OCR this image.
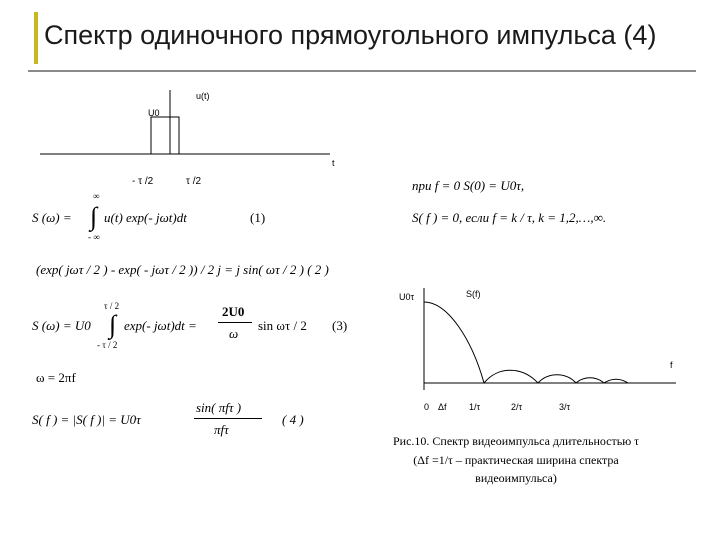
Спектр одиночного прямоугольного импульса (4)
u(t)
U0
t
- τ /2	τ /2
S (ω) =
∞
∫
- ∞
u(t) exp(- jωt)dt	(1)
при f = 0 S(0) = U0τ,
S( f ) = 0, если f = k / τ, k = 1,2,…,∞.
(exp( jωτ / 2 ) - exp( - jωτ / 2 )) / 2 j = j sin( ωτ / 2 ) ( 2 )
S (ω) = U0
τ / 2
∫
- τ / 2
exp(- jωt)dt =
2U0
ω
sin ωτ / 2 (3)
ω = 2πf
S( f ) = |S( f )| = U0τ
sin( πfτ )
πfτ
( 4 )
U0τ	S(f)
f
0 Δf 1/τ	2/τ	3/τ
Рис.10. Спектр видеоимпульса длительностью τ
(Δf =1/τ – практическая ширина спектра
видеоимпульса)
